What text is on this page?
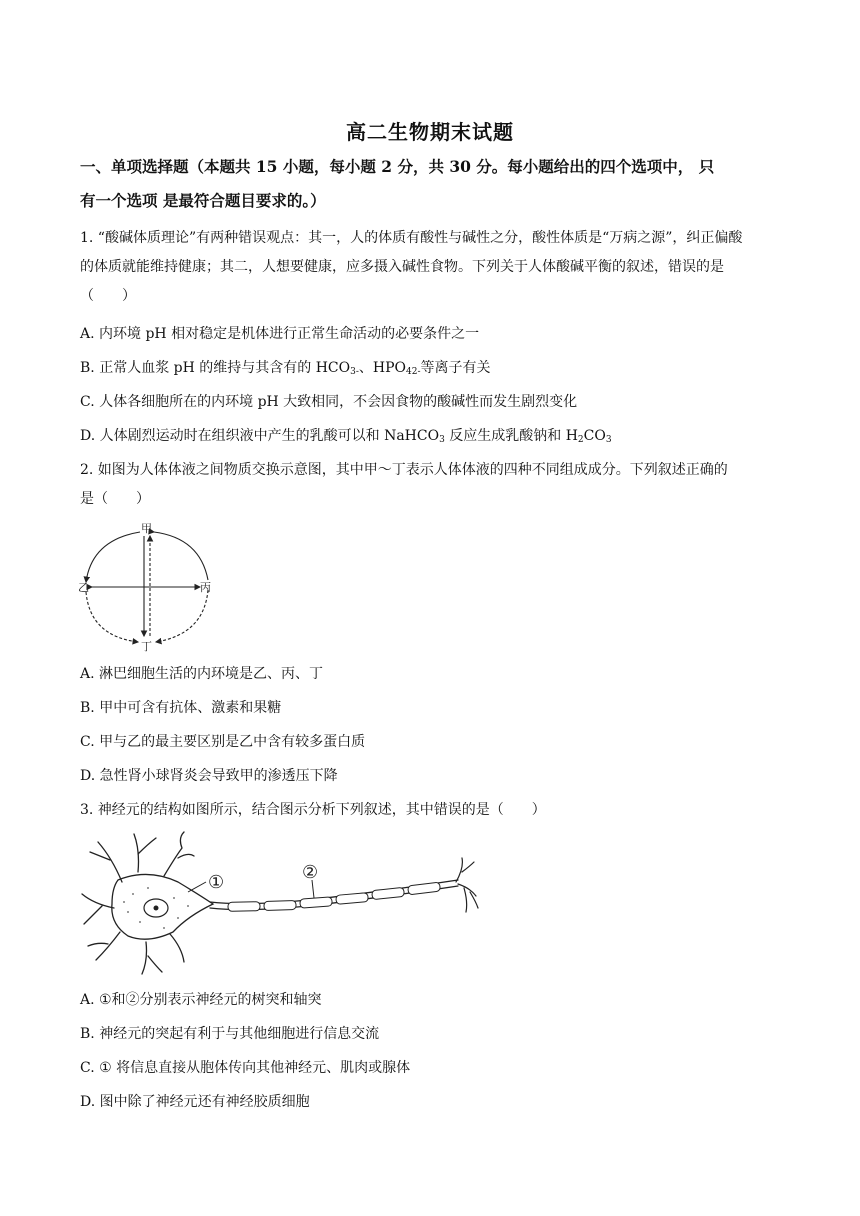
高二生物期末试题
一、单项选择题（本题共 15 小题，每小题 2 分，共 30 分。每小题给出的四个选项中， 只
有一个选项 是最符合题目要求的。）
1. “酸碱体质理论”有两种错误观点：其一，人的体质有酸性与碱性之分，酸性体质是“万病之源”，纠正偏酸
的体质就能维持健康；其二，人想要健康，应多摄入碱性食物。下列关于人体酸碱平衡的叙述，错误的是
（　　）
A. 内环境 pH 相对稳定是机体进行正常生命活动的必要条件之一
B. 正常人血浆 pH 的维持与其含有的 HCO3-、HPO42-等离子有关
C. 人体各细胞所在的内环境 pH 大致相同，不会因食物的酸碱性而发生剧烈变化
D. 人体剧烈运动时在组织液中产生的乳酸可以和 NaHCO3 反应生成乳酸钠和 H2CO3
2. 如图为人体体液之间物质交换示意图，其中甲～丁表示人体体液的四种不同组成成分。下列叙述正确的
是（　　）
甲
乙	丙
丁
A. 淋巴细胞生活的内环境是乙、丙、丁
B. 甲中可含有抗体、激素和果糖
C. 甲与乙的最主要区别是乙中含有较多蛋白质
D. 急性肾小球肾炎会导致甲的渗透压下降
3. 神经元的结构如图所示，结合图示分析下列叙述，其中错误的是（　　）
①	②
A. ①和②分别表示神经元的树突和轴突
B. 神经元的突起有利于与其他细胞进行信息交流
C. ① 将信息直接从胞体传向其他神经元、肌肉或腺体
D. 图中除了神经元还有神经胶质细胞
